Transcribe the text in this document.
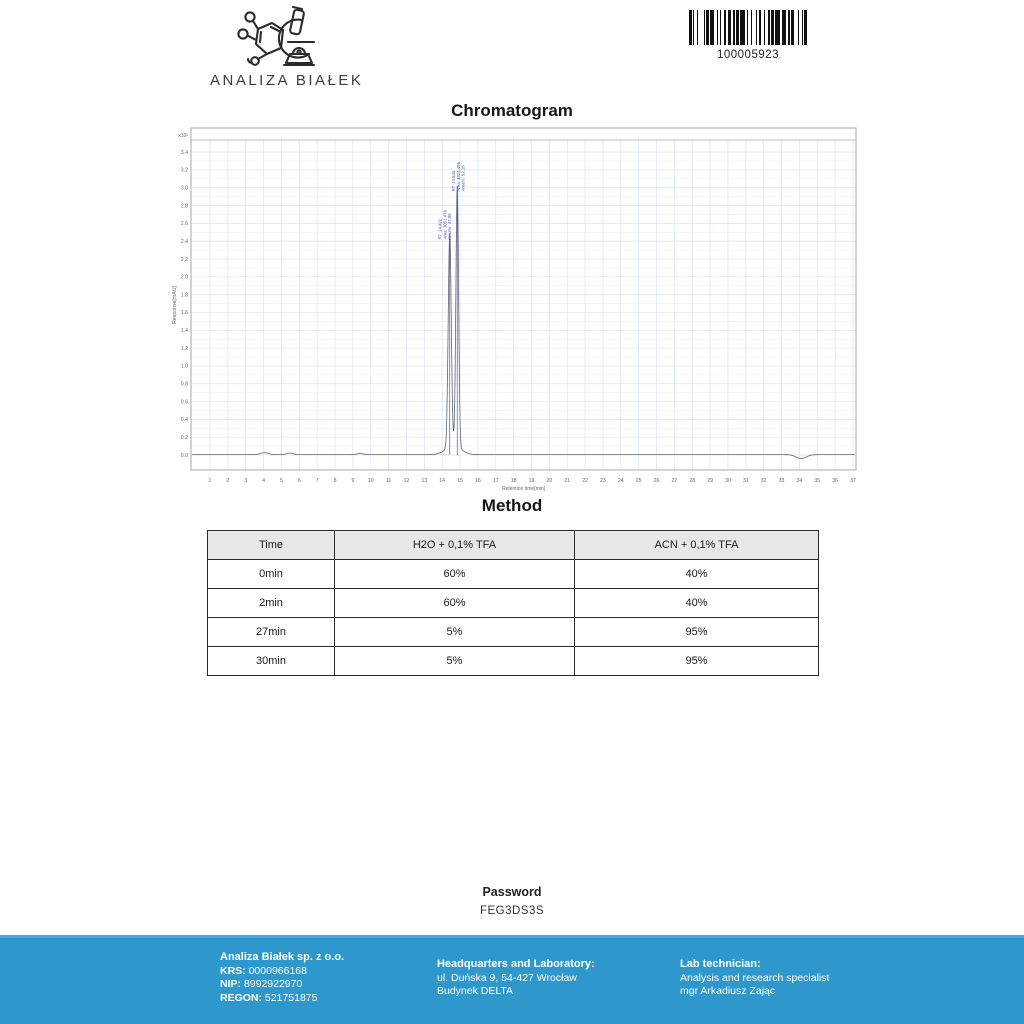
ANALIZA BIAŁEK
100005923
Chromatogram
0.0
0.2
0.4
0.6
0.8
1.0
1.2
1.4
1.6
1.8
2.0
2.2
2.4
2.6
2.8
3.0
3.2
3.4
x10²
Response[mAU]
1	2	3	4	5	6	7	8	9	10 11 12 13 14 15 16 17 18 19 20 21 22 23 24 25 26 27 28 29 30 31 32 33 34 35 36 37
Retention time[min]
RT: 14.422 Area: 3051.478 Area%: 47.85
RT: 14.843 Area: 3324.496 Area%: 52.15
Method
Time	H2O + 0,1% TFA	ACN + 0,1% TFA
0min	60%	40%
2min	60%	40%
27min	5%	95%
30min	5%	95%
Password
FEG3DS3S
Analiza Białek sp. z o.o.
KRS: 0000966168
NIP: 8992922970
REGON: 521751875
Headquarters and Laboratory:
ul. Duńska 9, 54-427 Wrocław
Budynek DELTA
Lab technician:
Analysis and research specialist
mgr Arkadiusz Zając
